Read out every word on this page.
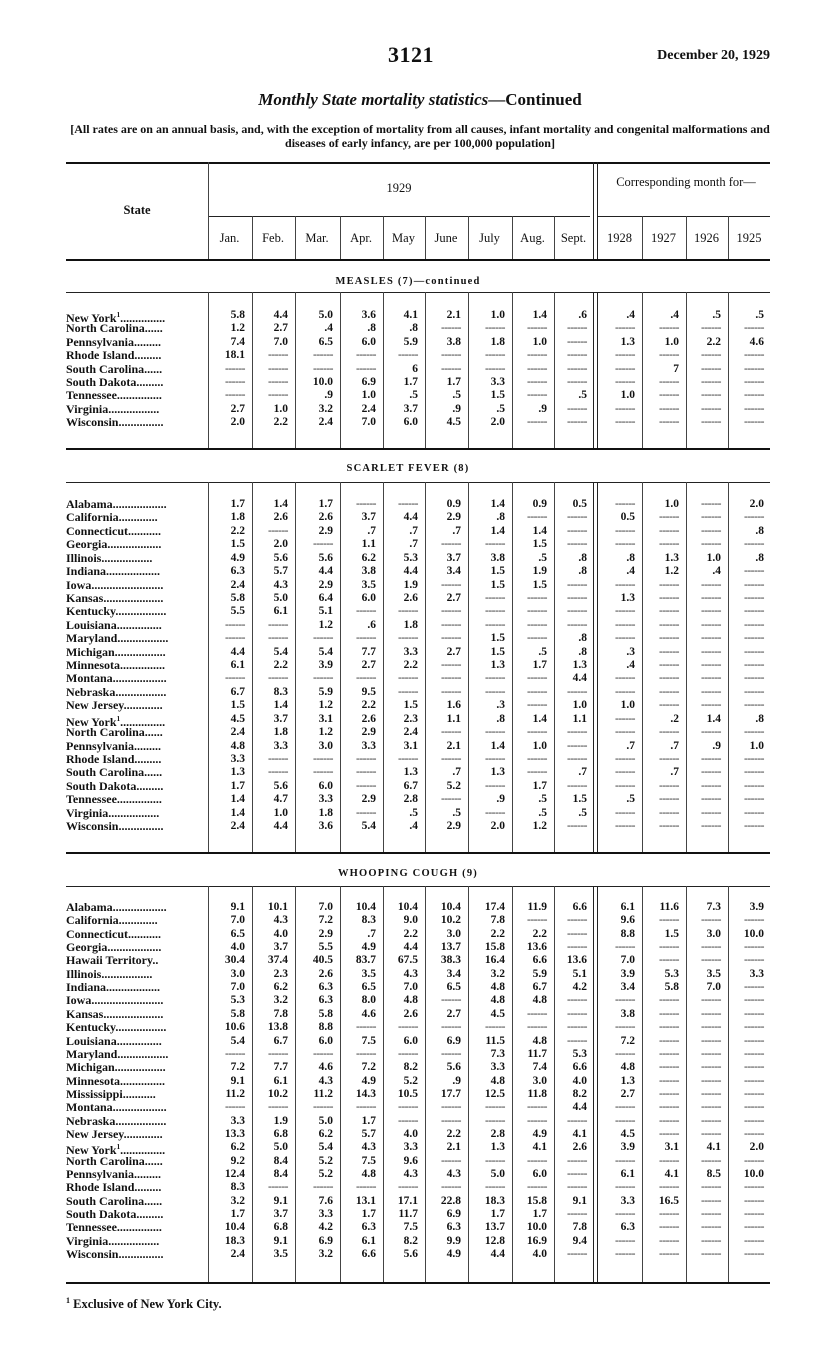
3121	December 20, 1929
Monthly State mortality statistics—Continued
[All rates are on an annual basis, and, with the exception of mortality from all causes, infant mortality and congenital malformations and diseases of early infancy, are per 100,000 population]
State
1929	Corresponding month for—
Jan.	Feb.	Mar.	Apr.	May	June	July	Aug.	Sept.	1928	1927	1926	1925
MEASLES (7)—continued
New York$^1$...............	5.8	4.4	5.0	3.6	4.1	2.1	1.0	1.4	.6	.4	.4	.5	.5
North Carolina......	1.2	2.7	.4	.8	.8	------	------	------	------	------	------	------	------
Pennsylvania.........	7.4	7.0	6.5	6.0	5.9	3.8	1.8	1.0	------	1.3	1.0	2.2	4.6
Rhode Island.........	18.1	------	------	------	------	------	------	------	------	------	------	------	------
South Carolina......	------	------	------	------	6	------	------	------	------	------	7	------	------
South Dakota.........	------	------	10.0	6.9	1.7	1.7	3.3	------	------	------	------	------	------
Tennessee...............	------	------	.9	1.0	.5	.5	1.5	------	.5	1.0	------	------	------
Virginia.................	2.7	1.0	3.2	2.4	3.7	.9	.5	.9	------	------	------	------	------
Wisconsin...............	2.0	2.2	2.4	7.0	6.0	4.5	2.0	------	------	------	------	------	------
SCARLET FEVER (8)
Alabama..................	1.7	1.4	1.7	------	------	0.9	1.4	0.9	0.5	------	1.0	------	2.0
California.............	1.8	2.6	2.6	3.7	4.4	2.9	.8	------	------	0.5	------	------	------
Connecticut...........	2.2	------	2.9	.7	.7	.7	1.4	1.4	------	------	------	------	.8
Georgia..................	1.5	2.0	------	1.1	.7	------	------	1.5	------	------	------	------	------
Illinois.................	4.9	5.6	5.6	6.2	5.3	3.7	3.8	.5	.8	.8	1.3	1.0	.8
Indiana..................	6.3	5.7	4.4	3.8	4.4	3.4	1.5	1.9	.8	.4	1.2	.4	------
Iowa........................	2.4	4.3	2.9	3.5	1.9	------	1.5	1.5	------	------	------	------	------
Kansas....................	5.8	5.0	6.4	6.0	2.6	2.7	------	------	------	1.3	------	------	------
Kentucky.................	5.5	6.1	5.1	------	------	------	------	------	------	------	------	------	------
Louisiana...............	------	------	1.2	.6	1.8	------	------	------	------	------	------	------	------
Maryland.................	------	------	------	------	------	------	1.5	------	.8	------	------	------	------
Michigan.................	4.4	5.4	5.4	7.7	3.3	2.7	1.5	.5	.8	.3	------	------	------
Minnesota...............	6.1	2.2	3.9	2.7	2.2	------	1.3	1.7	1.3	.4	------	------	------
Montana..................	------	------	------	------	------	------	------	------	4.4	------	------	------	------
Nebraska.................	6.7	8.3	5.9	9.5	------	------	------	------	------	------	------	------	------
New Jersey.............	1.5	1.4	1.2	2.2	1.5	1.6	.3	------	1.0	1.0	------	------	------
New York$^1$...............	4.5	3.7	3.1	2.6	2.3	1.1	.8	1.4	1.1	------	.2	1.4	.8
North Carolina......	2.4	1.8	1.2	2.9	2.4	------	------	------	------	------	------	------	------
Pennsylvania.........	4.8	3.3	3.0	3.3	3.1	2.1	1.4	1.0	------	.7	.7	.9	1.0
Rhode Island.........	3.3	------	------	------	------	------	------	------	------	------	------	------	------
South Carolina......	1.3	------	------	------	1.3	.7	1.3	------	.7	------	.7	------	------
South Dakota.........	1.7	5.6	6.0	------	6.7	5.2	------	1.7	------	------	------	------	------
Tennessee...............	1.4	4.7	3.3	2.9	2.8	------	.9	.5	1.5	.5	------	------	------
Virginia.................	1.4	1.0	1.8	------	.5	.5	------	.5	.5	------	------	------	------
Wisconsin...............	2.4	4.4	3.6	5.4	.4	2.9	2.0	1.2	------	------	------	------	------
WHOOPING COUGH (9)
Alabama..................	9.1	10.1	7.0	10.4	10.4	10.4	17.4	11.9	6.6	6.1	11.6	7.3	3.9
California.............	7.0	4.3	7.2	8.3	9.0	10.2	7.8	------	------	9.6	------	------	------
Connecticut...........	6.5	4.0	2.9	.7	2.2	3.0	2.2	2.2	------	8.8	1.5	3.0	10.0
Georgia..................	4.0	3.7	5.5	4.9	4.4	13.7	15.8	13.6	------	------	------	------	------
Hawaii Territory..	30.4	37.4	40.5	83.7	67.5	38.3	16.4	6.6	13.6	7.0	------	------	------
Illinois.................	3.0	2.3	2.6	3.5	4.3	3.4	3.2	5.9	5.1	3.9	5.3	3.5	3.3
Indiana..................	7.0	6.2	6.3	6.5	7.0	6.5	4.8	6.7	4.2	3.4	5.8	7.0	------
Iowa........................	5.3	3.2	6.3	8.0	4.8	------	4.8	4.8	------	------	------	------	------
Kansas....................	5.8	7.8	5.8	4.6	2.6	2.7	4.5	------	------	3.8	------	------	------
Kentucky.................	10.6	13.8	8.8	------	------	------	------	------	------	------	------	------	------
Louisiana...............	5.4	6.7	6.0	7.5	6.0	6.9	11.5	4.8	------	7.2	------	------	------
Maryland.................	------	------	------	------	------	------	7.3	11.7	5.3	------	------	------	------
Michigan.................	7.2	7.7	4.6	7.2	8.2	5.6	3.3	7.4	6.6	4.8	------	------	------
Minnesota...............	9.1	6.1	4.3	4.9	5.2	.9	4.8	3.0	4.0	1.3	------	------	------
Mississippi...........	11.2	10.2	11.2	14.3	10.5	17.7	12.5	11.8	8.2	2.7	------	------	------
Montana..................	------	------	------	------	------	------	------	------	4.4	------	------	------	------
Nebraska.................	3.3	1.9	5.0	1.7	------	------	------	------	------	------	------	------	------
New Jersey.............	13.3	6.8	6.2	5.7	4.0	2.2	2.8	4.9	4.1	4.5	------	------	------
New York$^1$...............	6.2	5.0	5.4	4.3	3.3	2.1	1.3	4.1	2.6	3.9	3.1	4.1	2.0
North Carolina......	9.2	8.4	5.2	7.5	9.6	------	------	------	------	------	------	------	------
Pennsylvania.........	12.4	8.4	5.2	4.8	4.3	4.3	5.0	6.0	------	6.1	4.1	8.5	10.0
Rhode Island.........	8.3	------	------	------	------	------	------	------	------	------	------	------	------
South Carolina......	3.2	9.1	7.6	13.1	17.1	22.8	18.3	15.8	9.1	3.3	16.5	------	------
South Dakota.........	1.7	3.7	3.3	1.7	11.7	6.9	1.7	1.7	------	------	------	------	------
Tennessee...............	10.4	6.8	4.2	6.3	7.5	6.3	13.7	10.0	7.8	6.3	------	------	------
Virginia.................	18.3	9.1	6.9	6.1	8.2	9.9	12.8	16.9	9.4	------	------	------	------
Wisconsin...............	2.4	3.5	3.2	6.6	5.6	4.9	4.4	4.0	------	------	------	------	------
$^1$ Exclusive of New York City.
